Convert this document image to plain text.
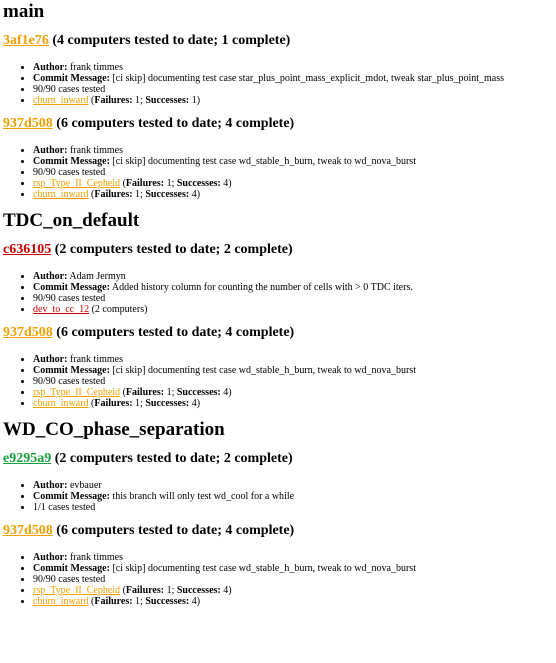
main
3af1e76 (4 computers tested to date; 1 complete)
• Author: frank timmes
• Commit Message: [ci skip] documenting test case star_plus_point_mass_explicit_mdot, tweak star_plus_point_mass
• 90/90 cases tested
• cburn_inward (Failures: 1; Successes: 1)
937d508 (6 computers tested to date; 4 complete)
• Author: frank timmes
• Commit Message: [ci skip] documenting test case wd_stable_h_burn, tweak to wd_nova_burst
• 90/90 cases tested
• rsp_Type_II_Cepheid (Failures: 1; Successes: 4)
• cburn_inward (Failures: 1; Successes: 4)
TDC_on_default
c636105 (2 computers tested to date; 2 complete)
• Author: Adam Jermyn
• Commit Message: Added history column for counting the number of cells with > 0 TDC iters.
• 90/90 cases tested
• dev_to_cc_12 (2 computers)
937d508 (6 computers tested to date; 4 complete)
• Author: frank timmes
• Commit Message: [ci skip] documenting test case wd_stable_h_burn, tweak to wd_nova_burst
• 90/90 cases tested
• rsp_Type_II_Cepheid (Failures: 1; Successes: 4)
• cburn_inward (Failures: 1; Successes: 4)
WD_CO_phase_separation
e9295a9 (2 computers tested to date; 2 complete)
• Author: evbauer
• Commit Message: this branch will only test wd_cool for a while
• 1/1 cases tested
937d508 (6 computers tested to date; 4 complete)
• Author: frank timmes
• Commit Message: [ci skip] documenting test case wd_stable_h_burn, tweak to wd_nova_burst
• 90/90 cases tested
• rsp_Type_II_Cepheid (Failures: 1; Successes: 4)
• cburn_inward (Failures: 1; Successes: 4)
